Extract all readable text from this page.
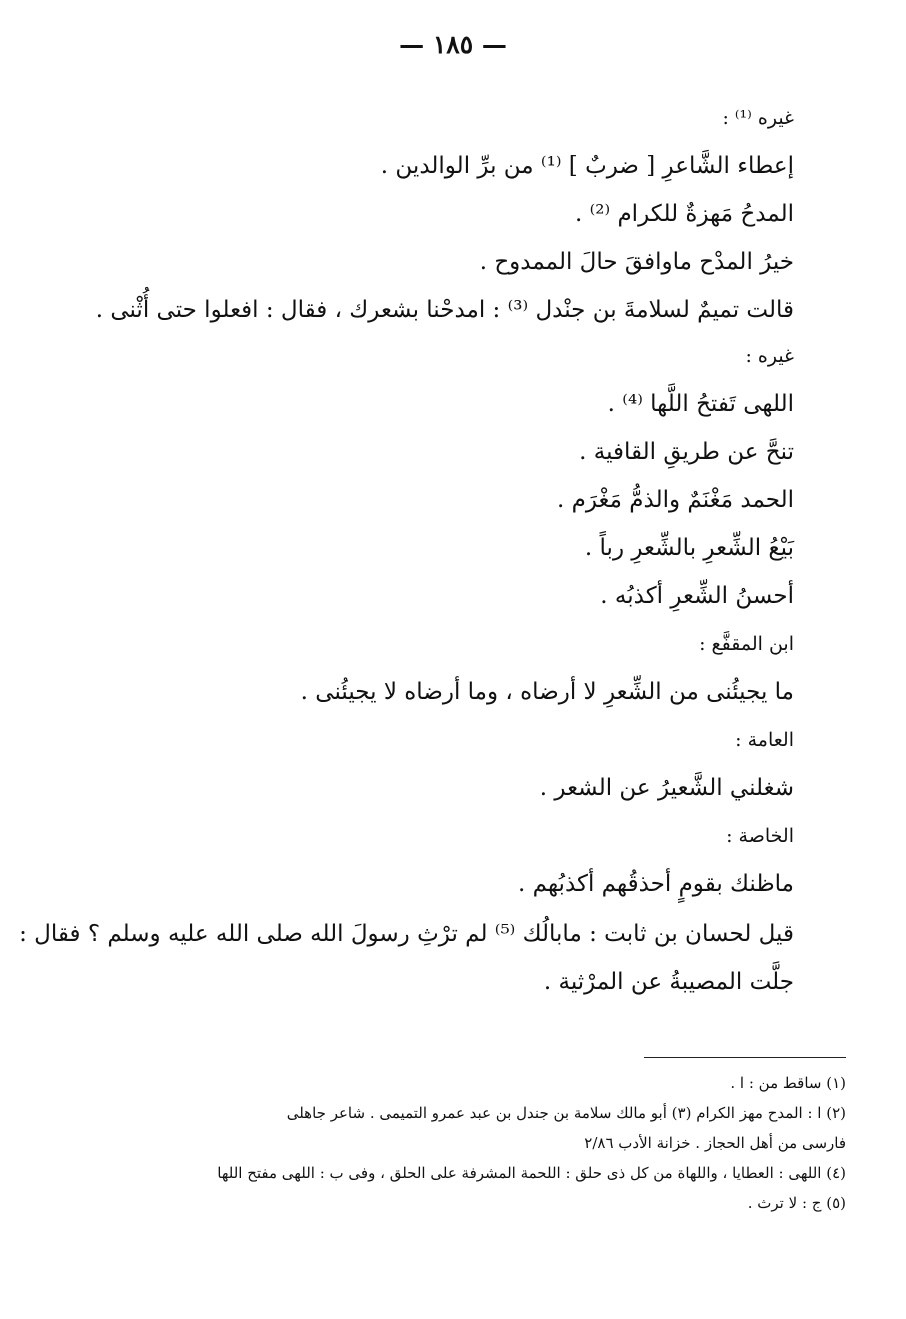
— ١٨٥ —
غيره ⁽¹⁾ :
إعطاء الشَّاعرِ [ ضربٌ ] ⁽¹⁾ من برِّ الوالدين .
المدحُ مَهزةٌ للكرام ⁽²⁾ .
خيرُ المدْح ماوافقَ حالَ الممدوح .
قالت تميمٌ لسلامةَ بن جنْدل ⁽³⁾ : امدحْنا بشعرك ، فقال : افعلوا حتى أُثْنى .
غيره :
اللهى تَفتحُ اللَّها ⁽⁴⁾ .
تنحَّ عن طريقِ القافية .
الحمد مَغْنَمٌ والذمُّ مَغْرَم .
بَيْعُ الشِّعرِ بالشِّعرِ رباً .
أحسنُ الشِّعرِ أكذبُه .
ابن المقفَّع :
ما يجيئُنى من الشِّعرِ لا أرضاه ، وما أرضاه لا يجيئُنى .
العامة :
شغلني الشَّعيرُ عن الشعر .
الخاصة :
ماظنك بقومٍ أحذقُهم أكذبُهم .
قيل لحسان بن ثابت : مابالُك ⁽⁵⁾ لم ترْثِ رسولَ الله صلى الله عليه وسلم ؟ فقال :
جلَّت المصيبةُ عن المرْثية .
(١) ساقط من : ا .
(٢) ا : المدح مهز الكرام (٣) أبو مالك سلامة بن جندل بن عبد عمرو التميمى . شاعر جاهلى
فارسى من أهل الحجاز . خزانة الأدب ٢/٨٦
(٤) اللهى : العطايا ، واللهاة من كل ذى حلق : اللحمة المشرفة على الحلق ، وفى ب : اللهى مفتح اللها
(٥) ج : لا ترث .
